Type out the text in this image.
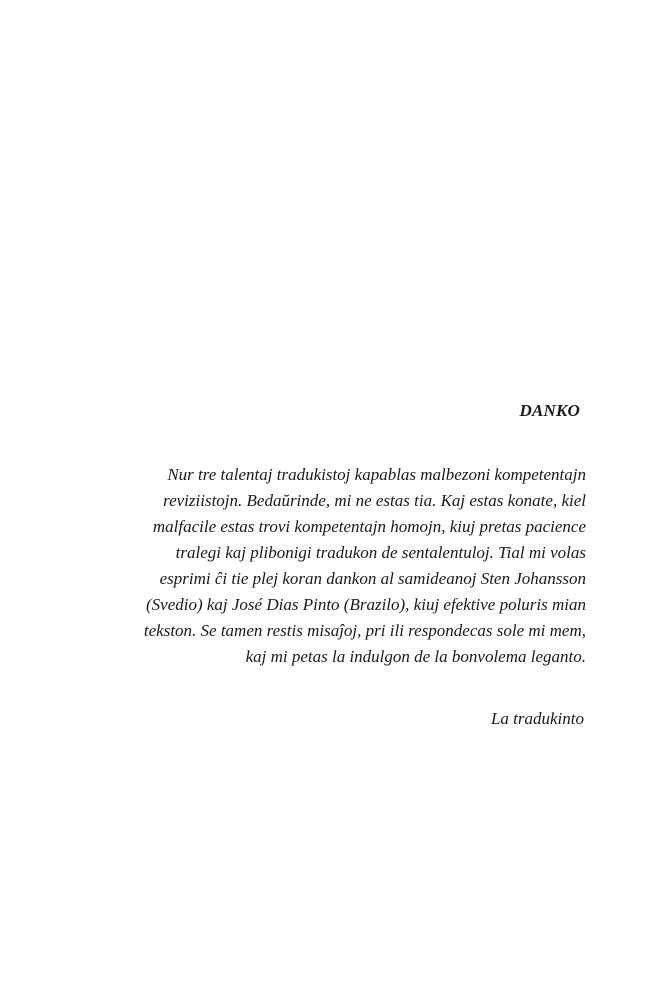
DANKO

Nur tre talentaj tradukistoj kapablas malbezoni kompetentajn
reviziistojn. Bedaŭrinde, mi ne estas tia. Kaj estas konate, kiel
malfacile estas trovi kompetentajn homojn, kiuj pretas pacience
tralegi kaj plibonigi tradukon de sentalentuloj. Tial mi volas
esprimi ĉi tie plej koran dankon al samideanoj Sten Johansson
(Svedio) kaj José Dias Pinto (Brazilo), kiuj efektive poluris mian
tekston. Se tamen restis misaĵoj, pri ili respondecas sole mi mem,
kaj mi petas la indulgon de la bonvolema leganto.

La tradukinto
